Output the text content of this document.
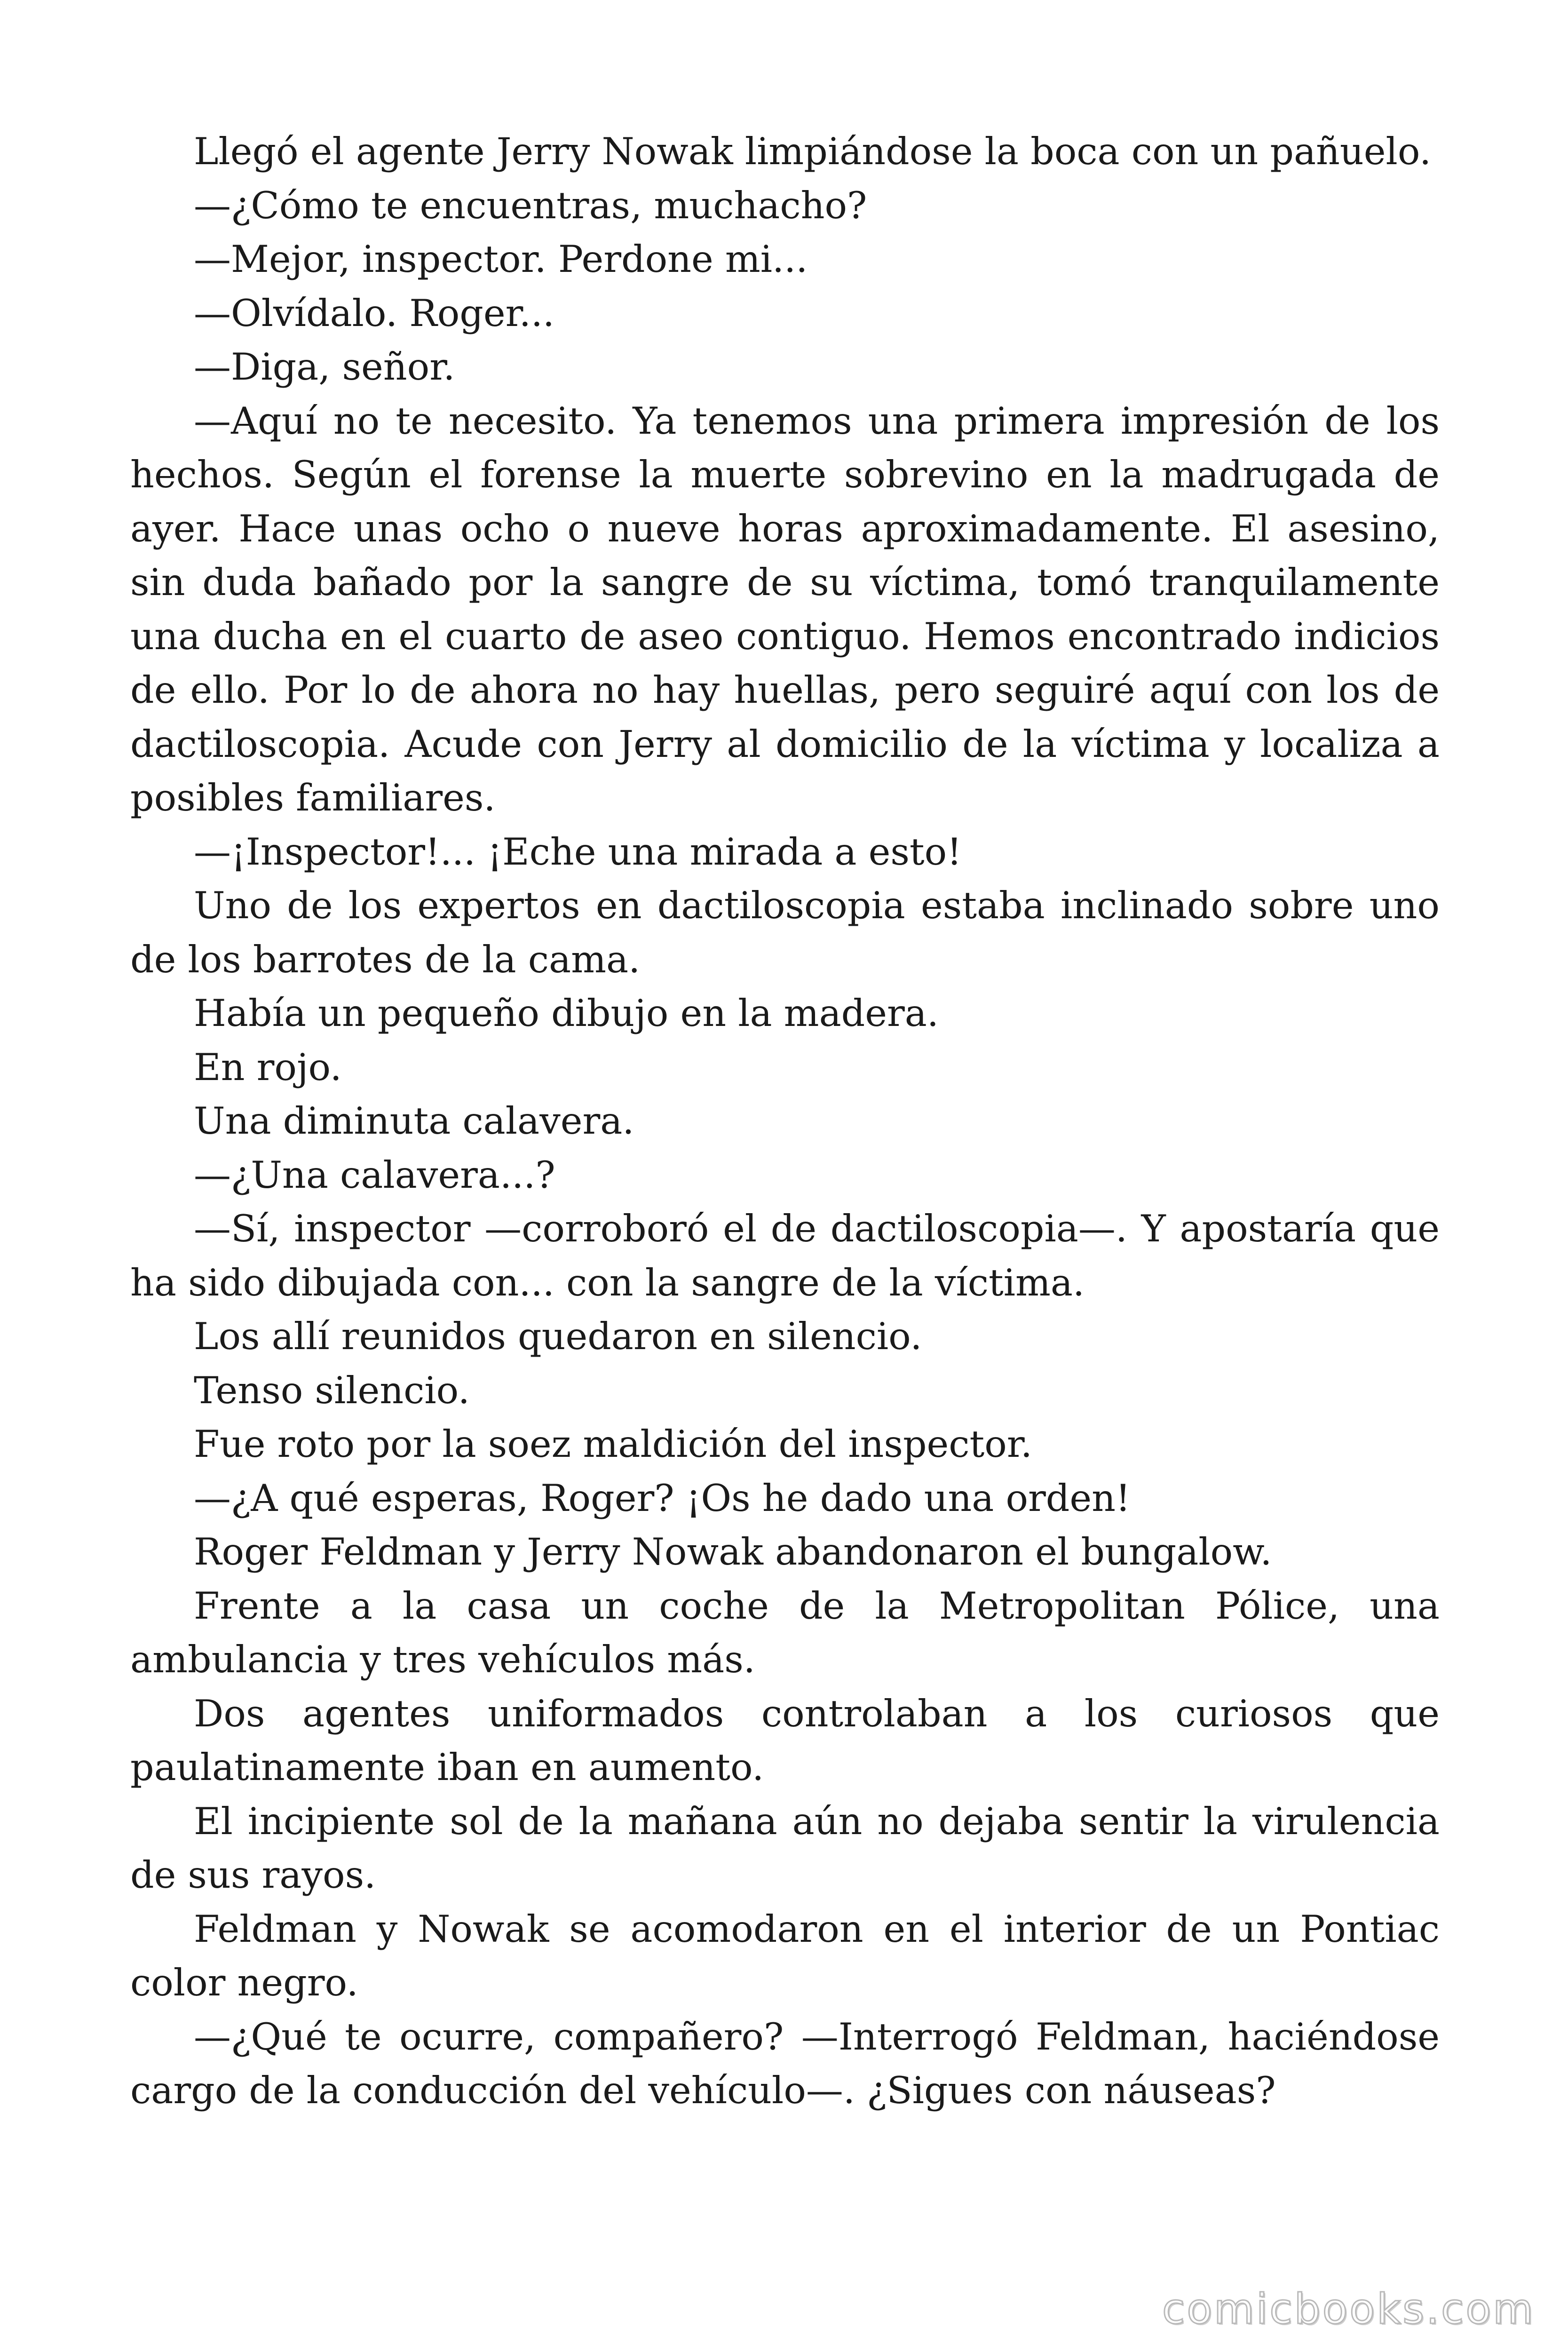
Llegó el agente Jerry Nowak limpiándose la boca con un pañuelo.

—¿Cómo te encuentras, muchacho?

—Mejor, inspector. Perdone mi...

—Olvídalo. Roger...

—Diga, señor.

—Aquí no te necesito. Ya tenemos una primera impresión de los hechos. Según el forense la muerte sobrevino en la madrugada de ayer. Hace unas ocho o nueve horas aproximadamente. El asesino, sin duda bañado por la sangre de su víctima, tomó tranquilamente una ducha en el cuarto de aseo contiguo. Hemos encontrado indicios de ello. Por lo de ahora no hay huellas, pero seguiré aquí con los de dactiloscopia. Acude con Jerry al domicilio de la víctima y localiza a posibles familiares.

—¡Inspector!... ¡Eche una mirada a esto!

Uno de los expertos en dactiloscopia estaba inclinado sobre uno de los barrotes de la cama.

Había un pequeño dibujo en la madera.

En rojo.

Una diminuta calavera.

—¿Una calavera...?

—Sí, inspector —corroboró el de dactiloscopia—. Y apostaría que ha sido dibujada con... con la sangre de la víctima.

Los allí reunidos quedaron en silencio.

Tenso silencio.

Fue roto por la soez maldición del inspector.

—¿A qué esperas, Roger? ¡Os he dado una orden!

Roger Feldman y Jerry Nowak abandonaron el bungalow.

Frente a la casa un coche de la Metropolitan Pólice, una ambulancia y tres vehículos más.

Dos agentes uniformados controlaban a los curiosos que paulatinamente iban en aumento.

El incipiente sol de la mañana aún no dejaba sentir la virulencia de sus rayos.

Feldman y Nowak se acomodaron en el interior de un Pontiac color negro.

—¿Qué te ocurre, compañero? —Interrogó Feldman, haciéndose cargo de la conducción del vehículo—. ¿Sigues con náuseas?

comicbooks.com
